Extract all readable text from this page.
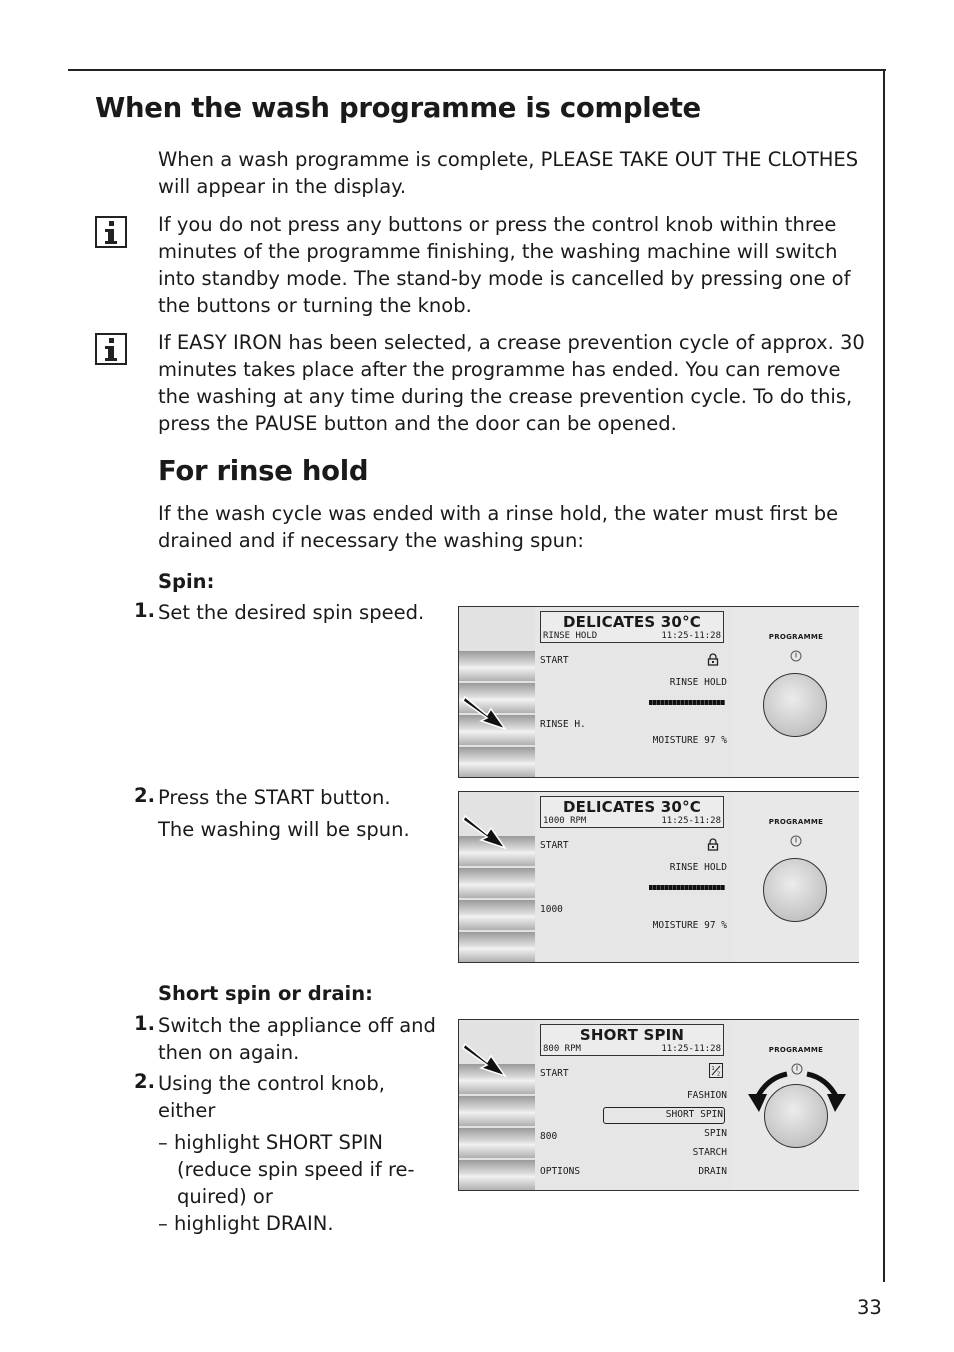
When the wash programme is complete
When a wash programme is complete, PLEASE TAKE OUT THE CLOTHES
will appear in the display.
If you do not press any buttons or press the control knob within three
minutes of the programme finishing, the washing machine will switch
into standby mode. The stand-by mode is cancelled by pressing one of
the buttons or turning the knob.
If EASY IRON has been selected, a crease prevention cycle of approx. 30
minutes takes place after the programme has ended. You can remove
the washing at any time during the crease prevention cycle. To do this,
press the PAUSE button and the door can be opened.
For rinse hold
If the wash cycle was ended with a rinse hold, the water must first be
drained and if necessary the washing spun:
Spin:
1. Set the desired spin speed.
2. Press the START button.
The washing will be spun.
Short spin or drain:
1. Switch the appliance off and
then on again.
2. Using the control knob,
either
– highlight SHORT SPIN
(reduce spin speed if re-
quired) or
– highlight DRAIN.
DELICATES 30°C
RINSE HOLD	11:25-11:28
START
RINSE HOLD
RINSE H.
MOISTURE 97 %
PROGRAMME
DELICATES 30°C
1000 RPM	11:25-11:28
START
RINSE HOLD
1000
MOISTURE 97 %
PROGRAMME
SHORT SPIN
800 RPM	11:25-11:28
START	1
2
FASHION
SHORT SPIN
800	SPIN
STARCH
OPTIONS	DRAIN
PROGRAMME
33
